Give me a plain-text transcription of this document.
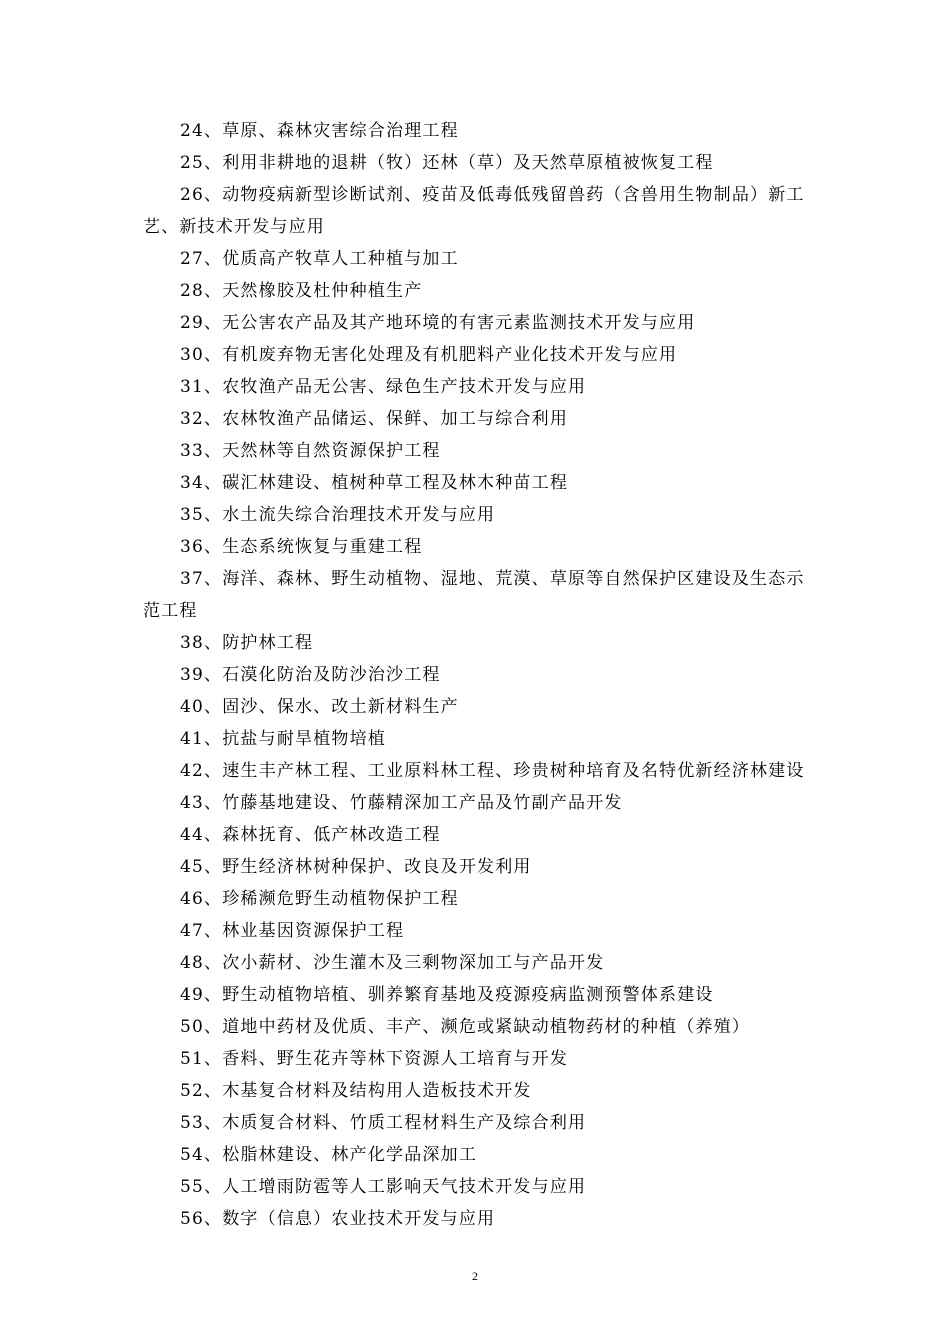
24、草原、森林灾害综合治理工程

25、利用非耕地的退耕（牧）还林（草）及天然草原植被恢复工程

26、动物疫病新型诊断试剂、疫苗及低毒低残留兽药（含兽用生物制品）新工艺、新技术开发与应用

27、优质高产牧草人工种植与加工

28、天然橡胶及杜仲种植生产

29、无公害农产品及其产地环境的有害元素监测技术开发与应用

30、有机废弃物无害化处理及有机肥料产业化技术开发与应用

31、农牧渔产品无公害、绿色生产技术开发与应用

32、农林牧渔产品储运、保鲜、加工与综合利用

33、天然林等自然资源保护工程

34、碳汇林建设、植树种草工程及林木种苗工程

35、水土流失综合治理技术开发与应用

36、生态系统恢复与重建工程

37、海洋、森林、野生动植物、湿地、荒漠、草原等自然保护区建设及生态示范工程

38、防护林工程

39、石漠化防治及防沙治沙工程

40、固沙、保水、改土新材料生产

41、抗盐与耐旱植物培植

42、速生丰产林工程、工业原料林工程、珍贵树种培育及名特优新经济林建设

43、竹藤基地建设、竹藤精深加工产品及竹副产品开发

44、森林抚育、低产林改造工程

45、野生经济林树种保护、改良及开发利用

46、珍稀濒危野生动植物保护工程

47、林业基因资源保护工程

48、次小薪材、沙生灌木及三剩物深加工与产品开发

49、野生动植物培植、驯养繁育基地及疫源疫病监测预警体系建设

50、道地中药材及优质、丰产、濒危或紧缺动植物药材的种植（养殖）

51、香料、野生花卉等林下资源人工培育与开发

52、木基复合材料及结构用人造板技术开发

53、木质复合材料、竹质工程材料生产及综合利用

54、松脂林建设、林产化学品深加工

55、人工增雨防雹等人工影响天气技术开发与应用

56、数字（信息）农业技术开发与应用

2
